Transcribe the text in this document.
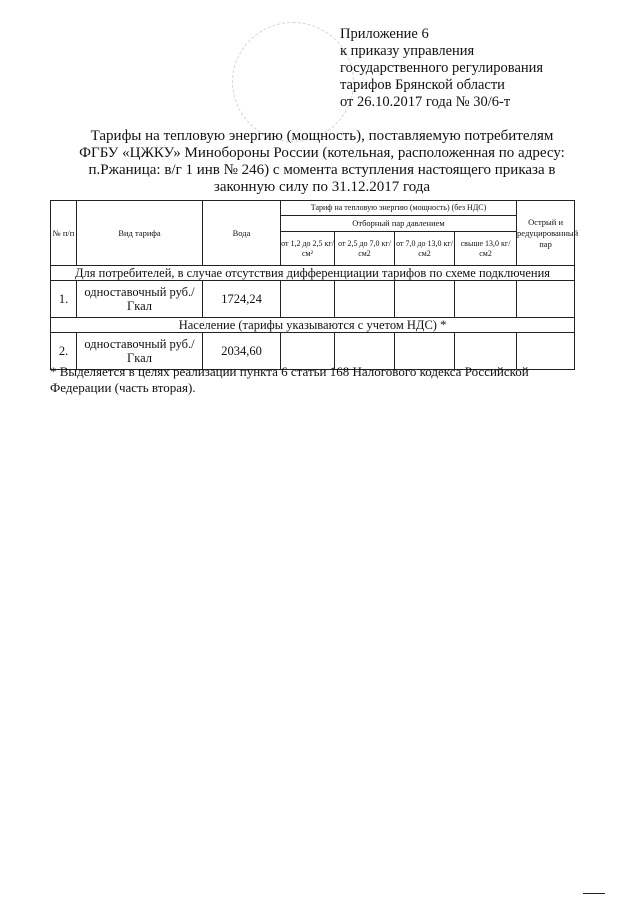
Приложение 6
к приказу управления
государственного регулирования
тарифов Брянской области
от 26.10.2017 года № 30/6-т
Тарифы на тепловую энергию (мощность), поставляемую потребителям
ФГБУ «ЦЖКУ» Минобороны России (котельная, расположенная по адресу:
п.Ржаница: в/г 1 инв № 246) с момента вступления настоящего приказа в
законную силу по 31.12.2017 года
№ п/п	Вид тарифа	Вода	Тариф на тепловую энергию (мощность) (без НДС)				Острый и редуцированный пар
			Отборный пар давлением				
			от 1,2 до 2,5 кг/см²	от 2,5 до 7,0 кг/см2	от 7,0 до 13,0 кг/см2	свыше 13,0 кг/см2	
Для потребителей, в случае отсутствия дифференциации тарифов по схеме подключения							
1.	одноставочный руб./Гкал	1724,24					
Население (тарифы указываются с учетом НДС) *							
2.	одноставочный руб./Гкал	2034,60					
* Выделяется в целях реализации пункта 6 статьи 168 Налогового кодекса Российской
Федерации (часть вторая).
